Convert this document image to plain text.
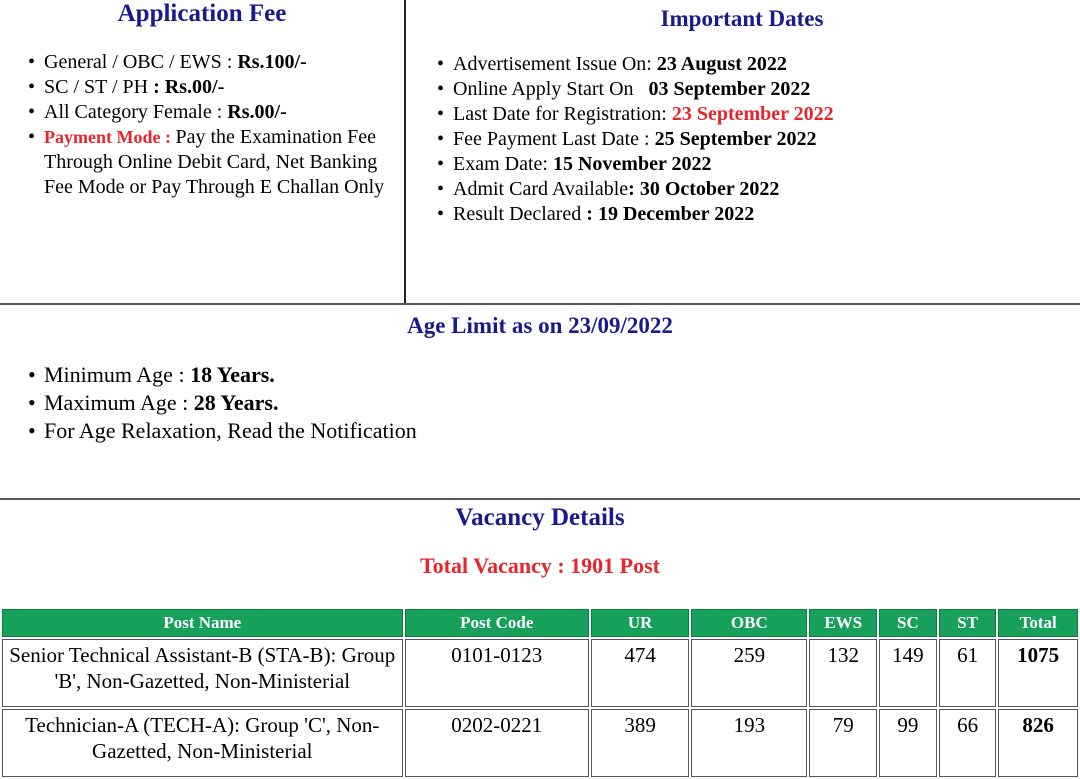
Application Fee
• General / OBC / EWS : Rs.100/-
• SC / ST / PH : Rs.00/-
• All Category Female : Rs.00/-
• Payment Mode : Pay the Examination Fee Through Online Debit Card, Net Banking Fee Mode or Pay Through E Challan Only
Important Dates
• Advertisement Issue On: 23 August 2022
• Online Apply Start On   03 September 2022
• Last Date for Registration: 23 September 2022
• Fee Payment Last Date : 25 September 2022
• Exam Date: 15 November 2022
• Admit Card Available: 30 October 2022
• Result Declared : 19 December 2022
Age Limit as on 23/09/2022
• Minimum Age : 18 Years.
• Maximum Age : 28 Years.
• For Age Relaxation, Read the Notification
Vacancy Details
Total Vacancy : 1901 Post
Post Name	Post Code	UR	OBC	EWS	SC	ST	Total
Senior Technical Assistant-B (STA-B): Group 'B', Non-Gazetted, Non-Ministerial	0101-0123	474	259	132	149	61	1075
Technician-A (TECH-A): Group 'C', Non-Gazetted, Non-Ministerial	0202-0221	389	193	79	99	66	826
